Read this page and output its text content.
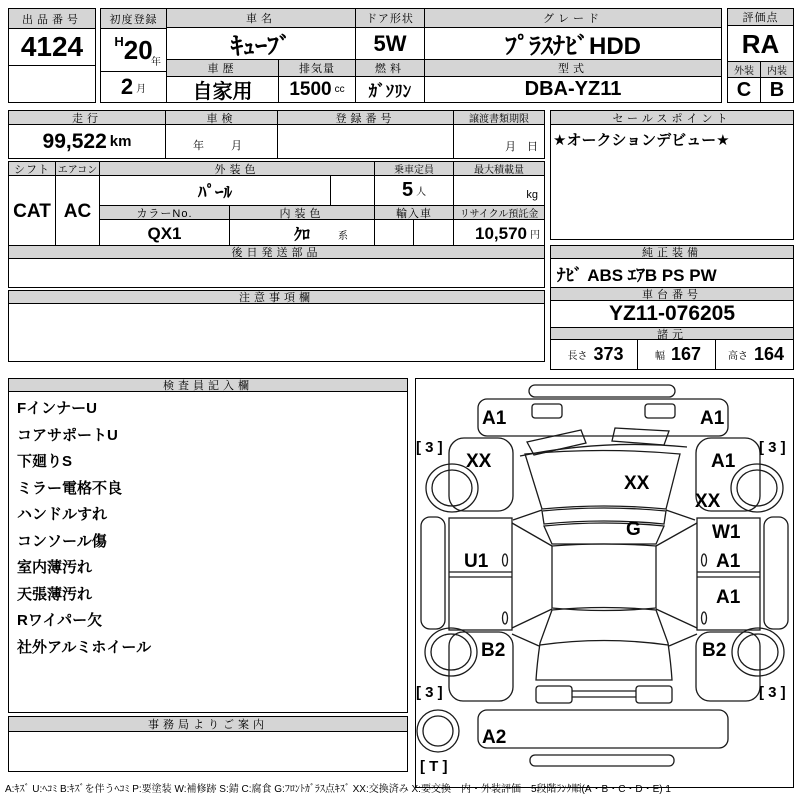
出品番号
4124
初度登録
H 20
年
2 月
車名
ｷｭｰﾌﾞ
車歴
自家用
排気量
1500 cc
ドア形状
5W
燃料
ｶﾞｿﾘﾝ
グレード
ﾌﾟﾗｽﾅﾋﾞHDD
型式
DBA-YZ11
評価点
RA
外装	内装
C B
走行
99,522 km
車検
年　月
登録番号	譲渡書類期限
月　日
セールスポイント
★オークションデビュー★
シフト エアコン
CAT AC
外装色
ﾊﾟｰﾙ
乗車定員
5 人
最大積載量
kg
カラーNo.
QX1
内装色
ｸﾛ	系
輸入車	リサイクル預託金
10,570 円
後日発送部品	純正装備
ﾅﾋﾞ ABS ｴｱB PS PW
注意事項欄	車台番号
YZ11-076205
諸元
長さ 373	幅 167	高さ 164
検査員記入欄
FインナーU
コアサポートU
下廻りS
ミラー電格不良
ハンドルすれ
コンソール傷
室内薄汚れ
天張薄汚れ
Rワイパー欠
社外アルミホイール
事務局よりご案内
A1	A1
XX	A1
XX
XX
G
U1
W1
A1
A1
B2	B2
A2
[ 3 ]	[ 3 ]
[ 3 ]	[ 3 ]
[ T ]
A:ｷｽﾞ U:ﾍｺﾐ B:ｷｽﾞを伴うﾍｺﾐ P:要塗装 W:補修跡 S:錆 C:腐食 G:ﾌﾛﾝﾄｶﾞﾗｽ点ｷｽﾞ XX:交換済み X:要交換　内・外装評価　5段階ﾗﾝｸ順(A・B・C・D・E) 1
